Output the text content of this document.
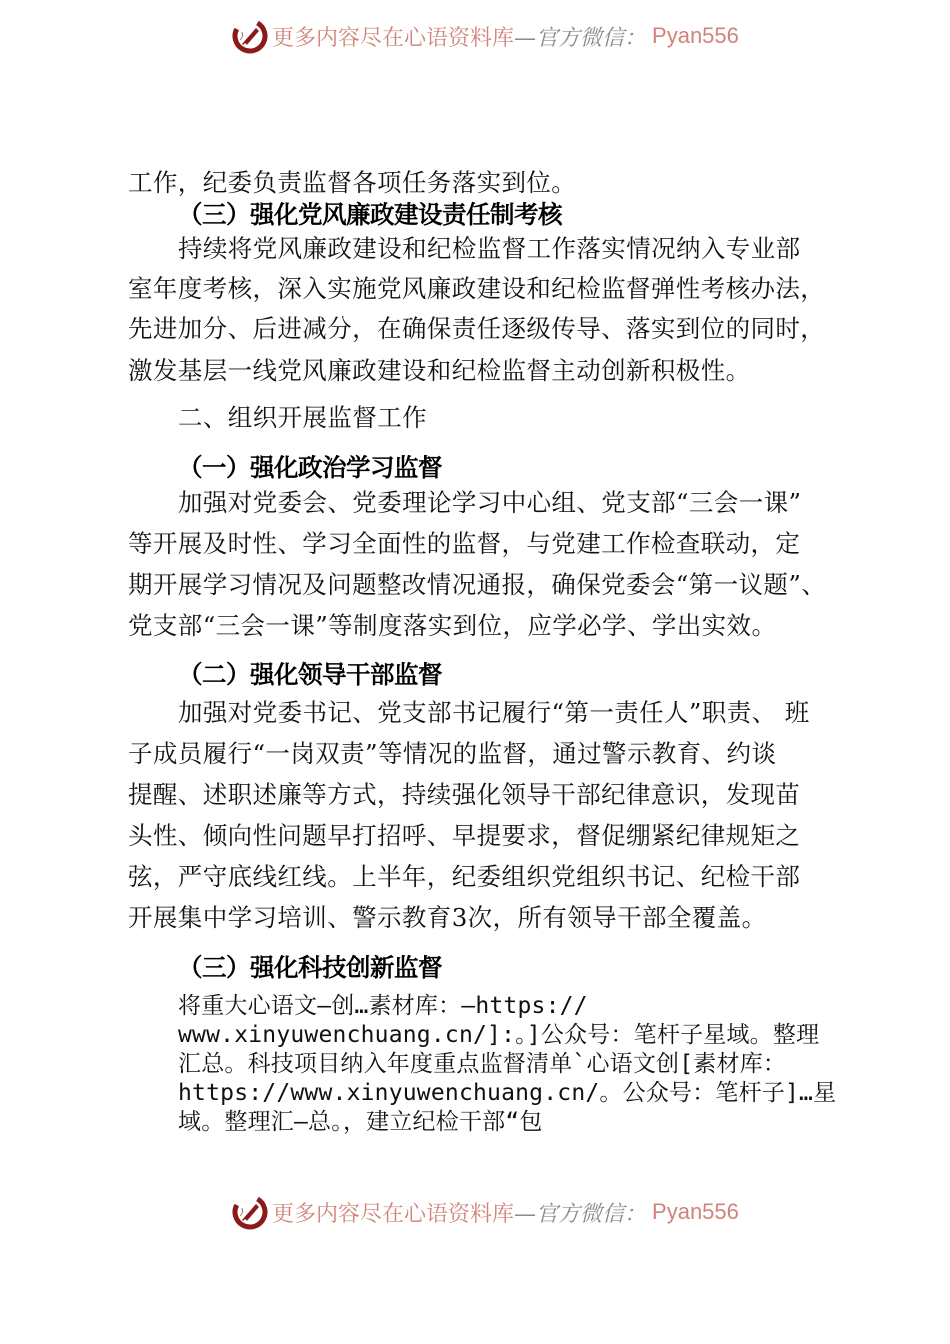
更多内容尽在心语资料库 —官方微信： Pyan556
工作，纪委负责监督各项任务落实到位。
（三）强化党风廉政建设责任制考核
持续将党风廉政建设和纪检监督工作落实情况纳入专业部
室年度考核，深入实施党风廉政建设和纪检监督弹性考核办法，
先进加分、后进减分，在确保责任逐级传导、落实到位的同时，
激发基层一线党风廉政建设和纪检监督主动创新积极性。
二、组织开展监督工作
（一）强化政治学习监督
加强对党委会、党委理论学习中心组、党支部“三会一课”
等开展及时性、学习全面性的监督，与党建工作检查联动，定
期开展学习情况及问题整改情况通报，确保党委会“第一议题”、
党支部“三会一课”等制度落实到位，应学必学、学出实效。
（二）强化领导干部监督
加强对党委书记、党支部书记履行“第一责任人”职责、 班
子成员履行“一岗双责”等情况的监督，通过警示教育、约谈
提醒、述职述廉等方式，持续强化领导干部纪律意识，发现苗
头性、倾向性问题早打招呼、早提要求，督促绷紧纪律规矩之
弦，严守底线红线。上半年，纪委组织党组织书记、纪检干部
开展集中学习培训、警示教育3次，所有领导干部全覆盖。
（三）强化科技创新监督
将重大心语文—创…素材库：—https://
www.xinyuwenchuang.cn/]:。]公众号：笔杆子星域。整理
汇总。科技项目纳入年度重点监督清单`心语文创[素材库：
https://www.xinyuwenchuang.cn/。公众号：笔杆子]…星
域。整理汇—总。，建立纪检干部“包
更多内容尽在心语资料库 —官方微信： Pyan556
